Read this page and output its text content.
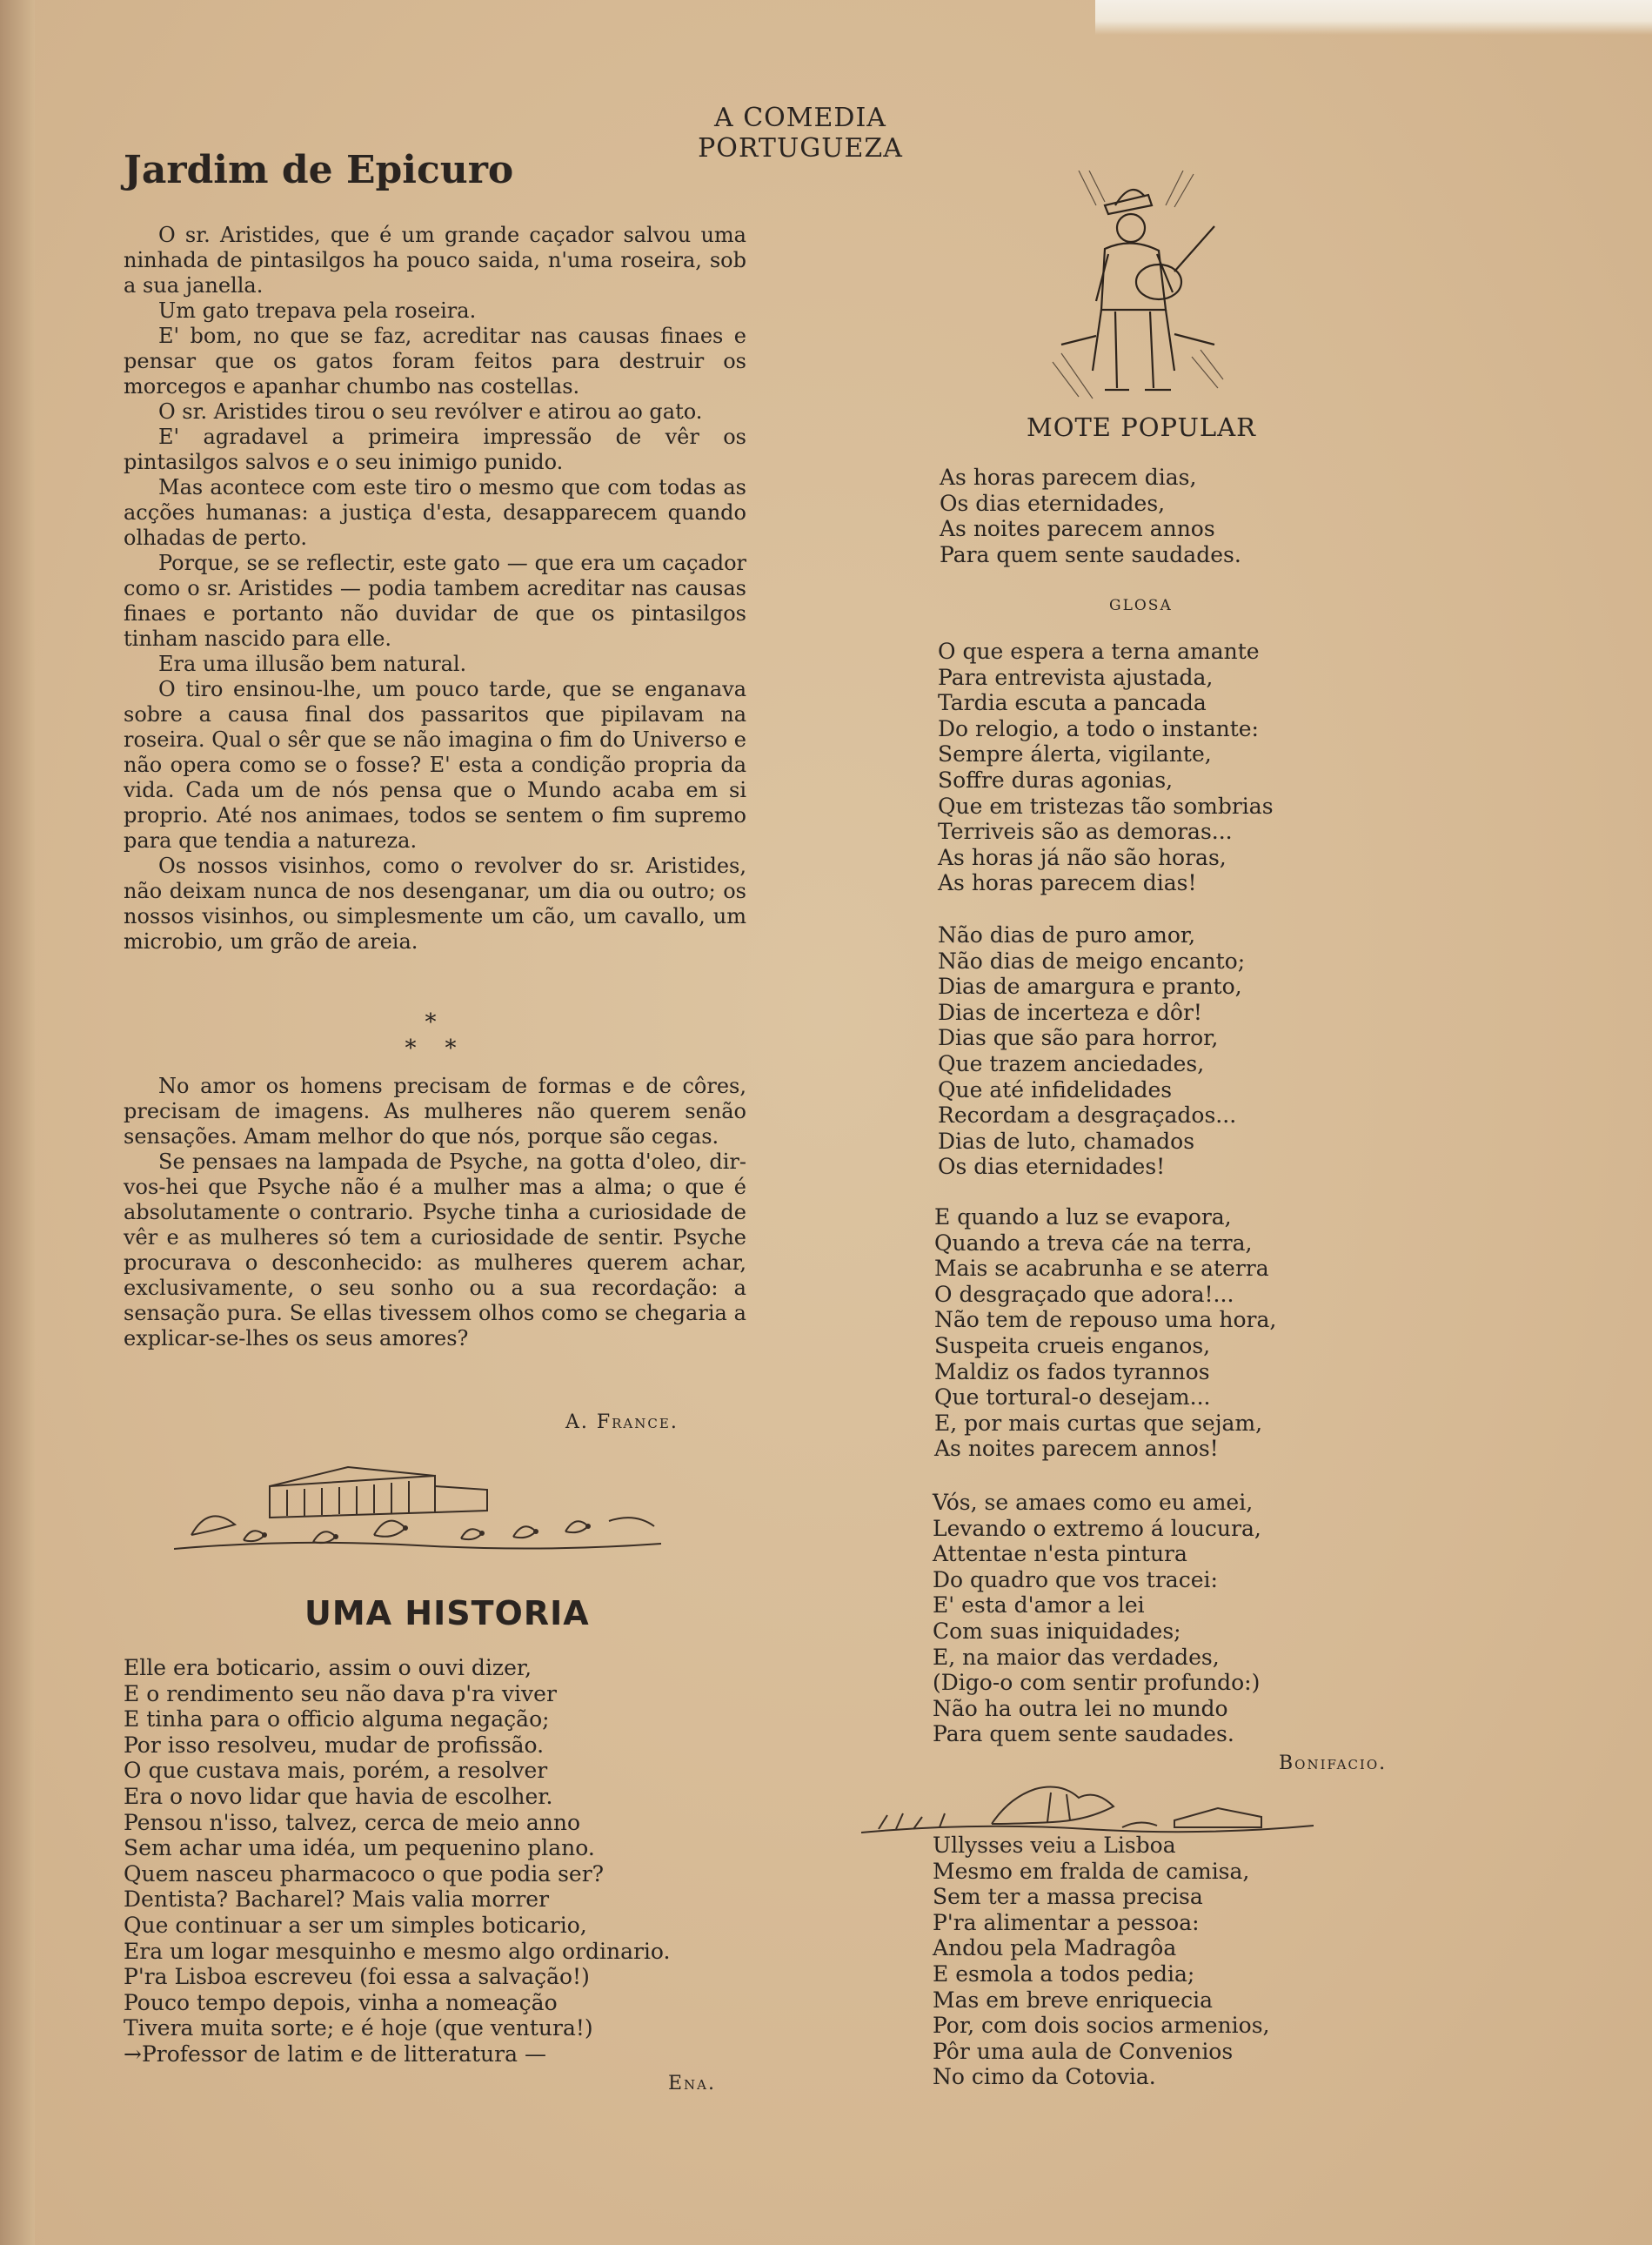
A COMEDIA PORTUGUEZA
Jardim de Epicuro

O sr. Aristides, que é um grande caçador salvou uma ninhada de pintasilgos ha pouco saida, n'uma roseira, sob a sua janella.

Um gato trepava pela roseira.

E' bom, no que se faz, acreditar nas causas finaes e pensar que os gatos foram feitos para destruir os morcegos e apanhar chumbo nas costellas.

O sr. Aristides tirou o seu revólver e atirou ao gato.

E' agradavel a primeira impressão de vêr os pintasilgos salvos e o seu inimigo punido.

Mas acontece com este tiro o mesmo que com todas as acções humanas: a justiça d'esta, desapparecem quando olhadas de perto.

Porque, se se reflectir, este gato — que era um caçador como o sr. Aristides — podia tambem acreditar nas causas finaes e portanto não duvidar de que os pintasilgos tinham nascido para elle.

Era uma illusão bem natural.

O tiro ensinou-lhe, um pouco tarde, que se enganava sobre a causa final dos passaritos que pipilavam na roseira. Qual o sêr que se não imagina o fim do Universo e não opera como se o fosse? E' esta a condição propria da vida. Cada um de nós pensa que o Mundo acaba em si proprio. Até nos animaes, todos se sentem o fim supremo para que tendia a natureza.

Os nossos visinhos, como o revolver do sr. Aristides, não deixam nunca de nos desenganar, um dia ou outro; os nossos visinhos, ou simplesmente um cão, um cavallo, um microbio, um grão de areia.

*
*    *

No amor os homens precisam de formas e de côres, precisam de imagens. As mulheres não querem senão sensações. Amam melhor do que nós, porque são cegas.

Se pensaes na lampada de Psyche, na gotta d'oleo, dir-vos-hei que Psyche não é a mulher mas a alma; o que é absolutamente o contrario. Psyche tinha a curiosidade de vêr e as mulheres só tem a curiosidade de sentir. Psyche procurava o desconhecido: as mulheres querem achar, exclusivamente, o seu sonho ou a sua recordação: a sensação pura. Se ellas tivessem olhos como se chegaria a explicar-se-lhes os seus amores?

A. France.
UMA HISTORIA
Elle era boticario, assim o ouvi dizer,
E o rendimento seu não dava p'ra viver
E tinha para o officio alguma negação;
Por isso resolveu, mudar de profissão.
O que custava mais, porém, a resolver
Era o novo lidar que havia de escolher.
Pensou n'isso, talvez, cerca de meio anno
Sem achar uma idéa, um pequenino plano.
Quem nasceu pharmacoco o que podia ser?
Dentista? Bacharel? Mais valia morrer
Que continuar a ser um simples boticario,
Era um logar mesquinho e mesmo algo ordinario.
P'ra Lisboa escreveu (foi essa a salvação!)
Pouco tempo depois, vinha a nomeação
Tivera muita sorte; e é hoje (que ventura!)
→Professor de latim e de litteratura —
Ena.
MOTE POPULAR
As horas parecem dias,
Os dias eternidades,
As noites parecem annos
Para quem sente saudades.
GLOSA
O que espera a terna amante
Para entrevista ajustada,
Tardia escuta a pancada
Do relogio, a todo o instante:
Sempre álerta, vigilante,
Soffre duras agonias,
Que em tristezas tão sombrias
Terriveis são as demoras...
As horas já não são horas,
As horas parecem dias!
Não dias de puro amor,
Não dias de meigo encanto;
Dias de amargura e pranto,
Dias de incerteza e dôr!
Dias que são para horror,
Que trazem anciedades,
Que até infidelidades
Recordam a desgraçados...
Dias de luto, chamados
Os dias eternidades!
E quando a luz se evapora,
Quando a treva cáe na terra,
Mais se acabrunha e se aterra
O desgraçado que adora!...
Não tem de repouso uma hora,
Suspeita crueis enganos,
Maldiz os fados tyrannos
Que tortural-o desejam...
E, por mais curtas que sejam,
As noites parecem annos!
Vós, se amaes como eu amei,
Levando o extremo á loucura,
Attentae n'esta pintura
Do quadro que vos tracei:
E' esta d'amor a lei
Com suas iniquidades;
E, na maior das verdades,
(Digo-o com sentir profundo:)
Não ha outra lei no mundo
Para quem sente saudades.
Bonifacio.
Ullysses veiu a Lisboa
Mesmo em fralda de camisa,
Sem ter a massa precisa
P'ra alimentar a pessoa:
Andou pela Madragôa
E esmola a todos pedia;
Mas em breve enriquecia
Por, com dois socios armenios,
Pôr uma aula de Convenios
No cimo da Cotovia.
